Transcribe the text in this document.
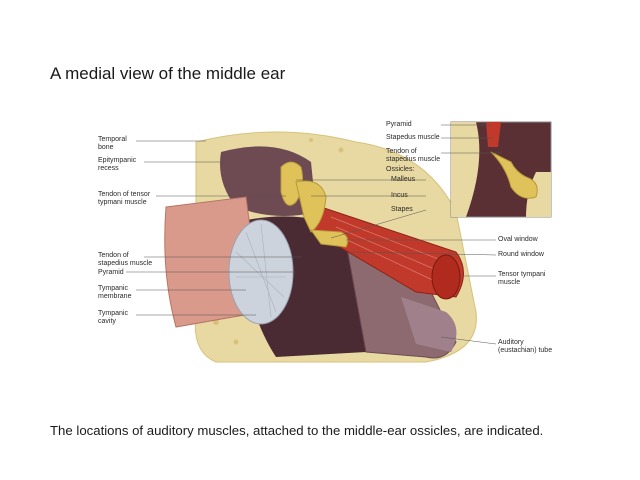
A medial view of the middle ear
Temporal
bone
Epitympanic
recess
Tendon of tensor
typmani muscle
Tendon of
stapedius muscle
Pyramid
Tympanic
membrane
Tympanic
cavity
Pyramid
Stapedus muscle
Tendon of
stapedius muscle
Ossicles:
Malleus
Incus
Stapes
Oval window
Round window
Tensor tympani
muscle
Auditory
(eustachian) tube

The locations of auditory muscles, attached to the middle-ear ossicles, are indicated.
